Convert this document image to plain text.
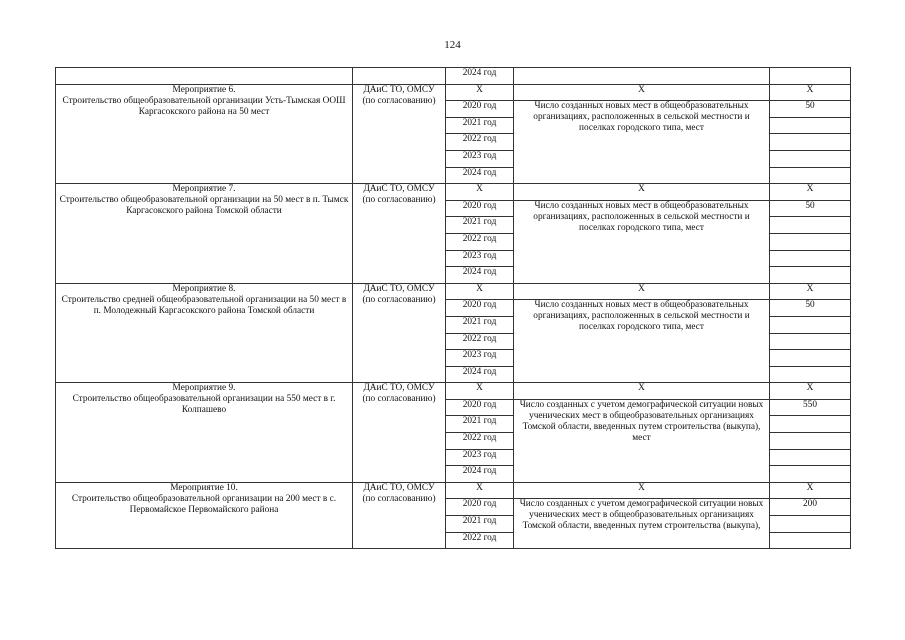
124
		2024 год		

Мероприятие 6.
Строительство общеобразовательной организации Усть-Тымская ООШ Каргасокского района на 50 мест	ДАиС ТО, ОМСУ (по согласованию)	Х	Х	Х
		2020 год	Число созданных новых мест в общеобразовательных организациях, расположенных в сельской местности и поселках городского типа, мест	50
		2021 год		
		2022 год		
		2023 год		
		2024 год		

Мероприятие 7.
Строительство общеобразовательной организации на 50 мест в п. Тымск Каргасокского района Томской области	ДАиС ТО, ОМСУ (по согласованию)	Х	Х	Х
		2020 год	Число созданных новых мест в общеобразовательных организациях, расположенных в сельской местности и поселках городского типа, мест	50
		2021 год		
		2022 год		
		2023 год		
		2024 год		

Мероприятие 8.
Строительство средней общеобразовательной организации на 50 мест в п. Молодежный Каргасокского района Томской области	ДАиС ТО, ОМСУ (по согласованию)	Х	Х	Х
		2020 год	Число созданных новых мест в общеобразовательных организациях, расположенных в сельской местности и поселках городского типа, мест	50
		2021 год		
		2022 год		
		2023 год		
		2024 год		

Мероприятие 9.
Строительство общеобразовательной организации на 550 мест в г. Колпашево	ДАиС ТО, ОМСУ (по согласованию)	Х	Х	Х
		2020 год	Число созданных с учетом демографической ситуации новых ученических мест в общеобразовательных организациях Томской области, введенных путем строительства (выкупа), мест	550
		2021 год		
		2022 год		
		2023 год		
		2024 год		

Мероприятие 10.
Строительство общеобразовательной организации на 200 мест в с. Первомайское Первомайского района	ДАиС ТО, ОМСУ (по согласованию)	Х	Х	Х
		2020 год	Число созданных с учетом демографической ситуации новых ученических мест в общеобразовательных организациях Томской области, введенных путем строительства (выкупа),	200
		2021 год		
		2022 год		
